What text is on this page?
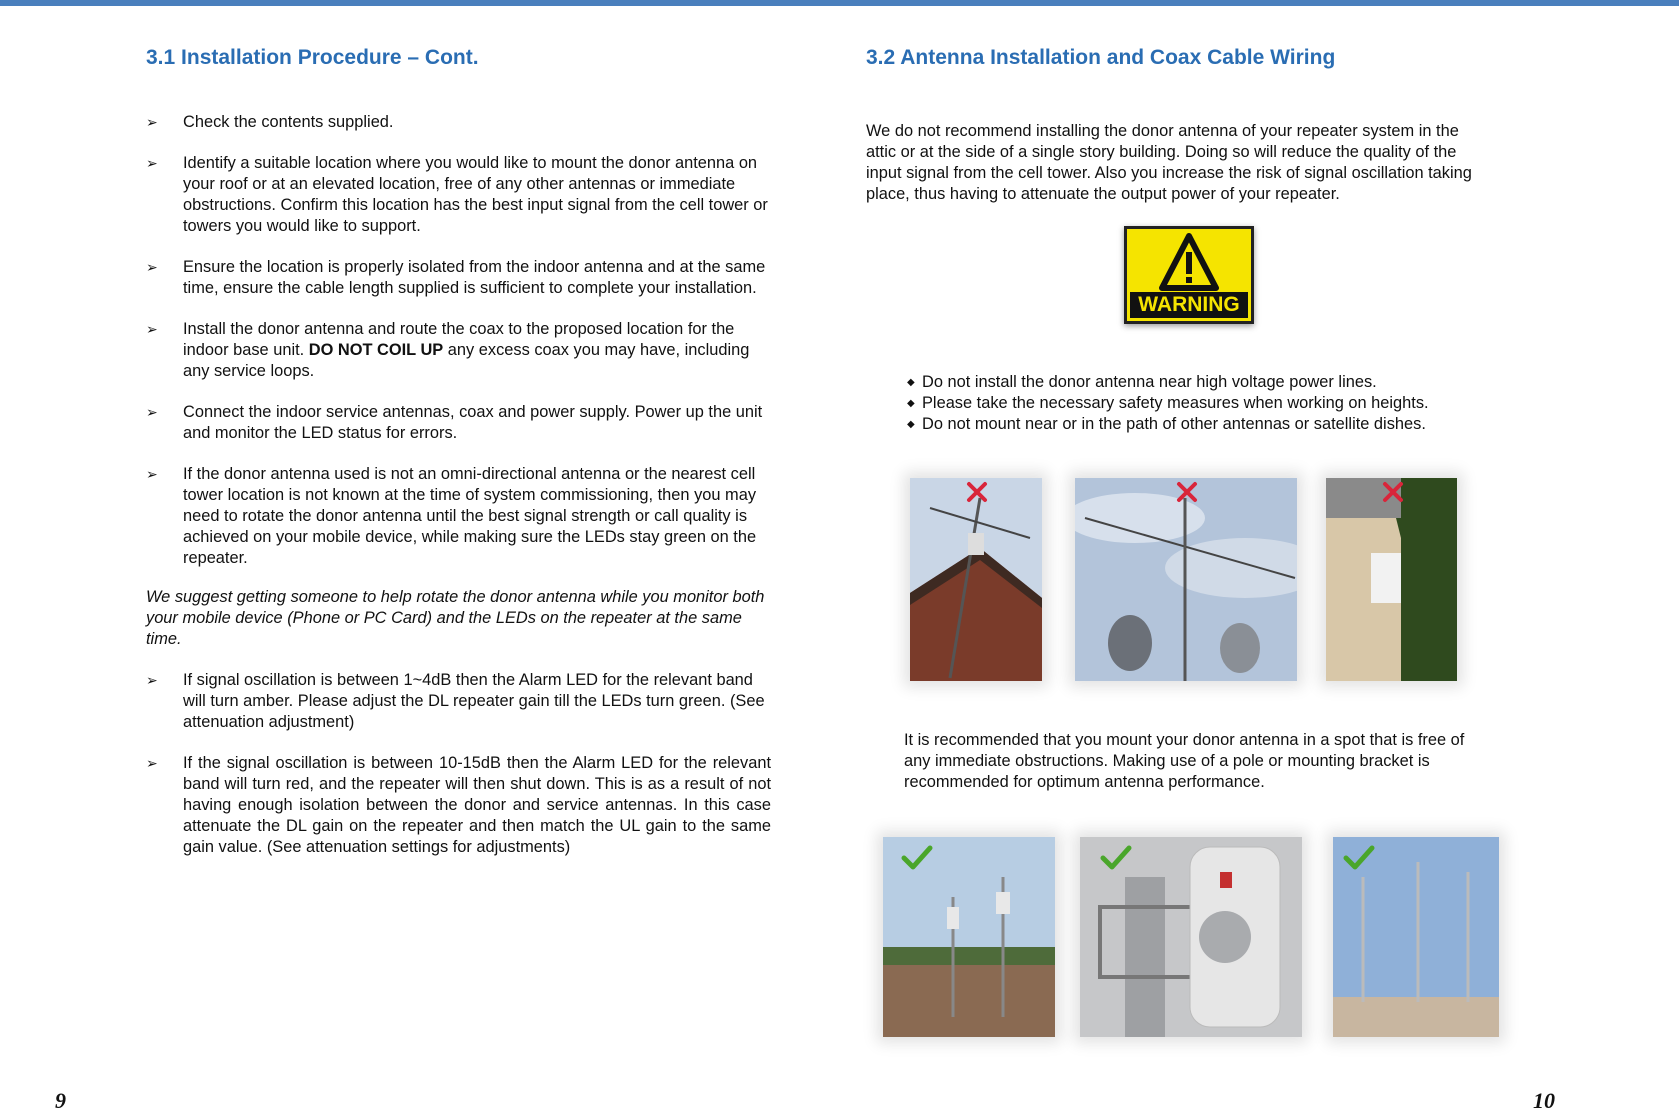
3.1 Installation Procedure – Cont.
➢ Check the contents supplied.
➢ Identify a suitable location where you would like to mount the donor antenna on your roof or at an elevated location, free of any other antennas or immediate obstructions. Confirm this location has the best input signal from the cell tower or towers you would like to support.
➢ Ensure the location is properly isolated from the indoor antenna and at the same time, ensure the cable length supplied is sufficient to complete your installation.
➢ Install the donor antenna and route the coax to the proposed location for the indoor base unit. DO NOT COIL UP any excess coax you may have, including any service loops.
➢ Connect the indoor service antennas, coax and power supply. Power up the unit and monitor the LED status for errors.
➢ If the donor antenna used is not an omni-directional antenna or the nearest cell tower location is not known at the time of system commissioning, then you may need to rotate the donor antenna until the best signal strength or call quality is achieved on your mobile device, while making sure the LEDs stay green on the repeater.

We suggest getting someone to help rotate the donor antenna while you monitor both your mobile device (Phone or PC Card) and the LEDs on the repeater at the same time.

➢ If signal oscillation is between 1~4dB then the Alarm LED for the relevant band will turn amber. Please adjust the DL repeater gain till the LEDs turn green. (See attenuation adjustment)
➢ If the signal oscillation is between 10-15dB then the Alarm LED for the relevant band will turn red, and the repeater will then shut down. This is as a result of not having enough isolation between the donor and service antennas. In this case attenuate the DL gain on the repeater and then match the UL gain to the same gain value. (See attenuation settings for adjustments)
9
3.2 Antenna Installation and Coax Cable Wiring

We do not recommend installing the donor antenna of your repeater system in the attic or at the side of a single story building. Doing so will reduce the quality of the input signal from the cell tower. Also you increase the risk of signal oscillation taking place, thus having to attenuate the output power of your repeater.

WARNING
◆ Do not install the donor antenna near high voltage power lines.
◆ Please take the necessary safety measures when working on heights.
◆ Do not mount near or in the path of other antennas or satellite dishes.

It is recommended that you mount your donor antenna in a spot that is free of any immediate obstructions. Making use of a pole or mounting bracket is recommended for optimum antenna performance.

10
